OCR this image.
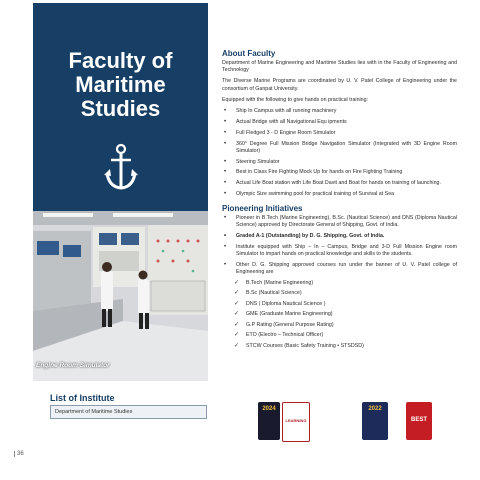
Faculty of
Maritime
Studies
Engine Room Simulator
List of Institute
Department of Maritime Studies
36
About Faculty

Department of Marine Engineering and Maritime Studies lies with in the Faculty of Engineering and Technology

The Diverse Marine Programs are coordinated by U. V. Patel College of Engineering under the consortium of Ganpat University.

Equipped with the following to give hands on practical training:

• Ship In Campus with all running machinery
• Actual Bridge with all Navigational Equ ipments
• Full Fledged 3 - D Engine Room Simulator
• 360° Degree Full Mission Bridge Navigation Simulator (Integrated with 3D Engine Room Simulator)
• Steering Simulator
• Best in Class Fire Fighting Mock Up for hands on Fire Fighting Training
• Actual Life Boat station with Life Boat Davit and Boat for hands on training of launching.
• Olympic Size swimming pool for practical training of Survival at Sea
Pioneering Initiatives
• Pioneer in B.Tech (Marine Engineering), B.Sc. (Nautical Science) and DNS (Diploma Nautical Science) approved by Directorate General of Shipping, Govt. of India.
• Graded A-1 (Outstanding) by D. G. Shipping, Govt. of India.
• Institute equipped with Ship – In – Campus, Bridge and 3-D Full Mission Engine room Simulator to impart hands on practical knowledge and skills to the students.
• Other D. G. Shipping approved courses run under the banner of U. V. Patel college of Engineering are
✓ B.Tech (Marine Engineering)
✓ B.Sc (Nautical Science)
✓ DNS ( Diploma Nautical Science )
✓ GME (Graduate Marine Engineering)
✓ G.P Rating (General Purpose Rating)
✓ ETO (Electro – Technical Officer)
✓ STCW Courses (Basic Safety Training • STSDSD)
2024
LEARNING
2022
BEST
